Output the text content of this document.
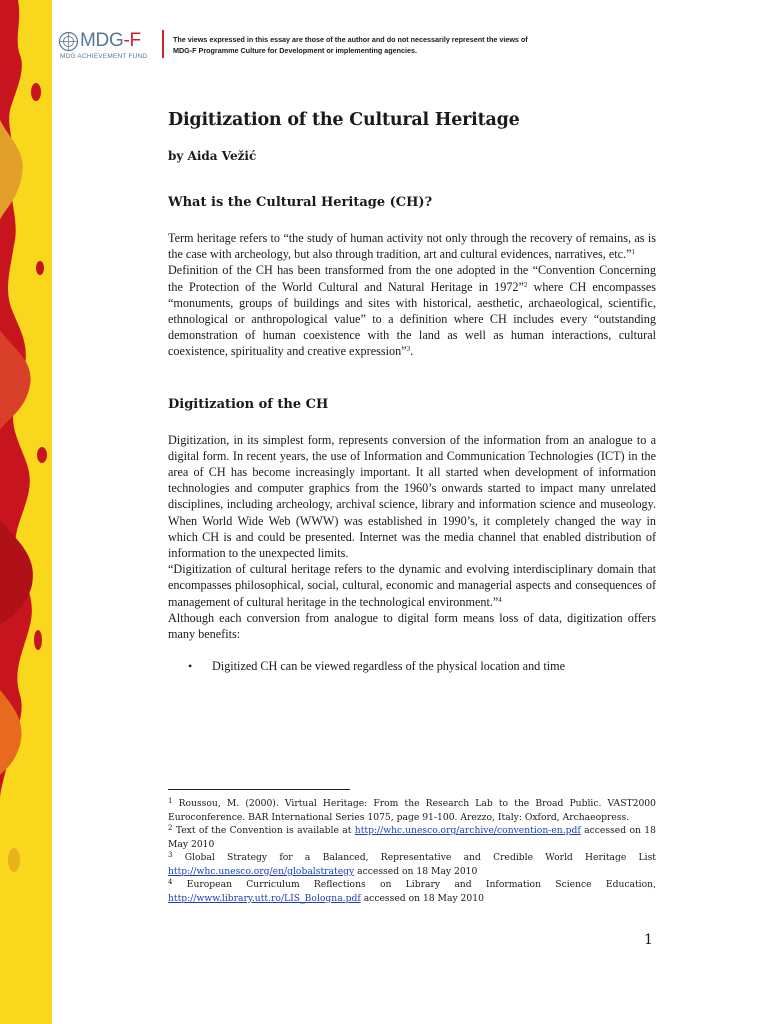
MDG-F
MDG ACHIEVEMENT FUND
The views expressed in this essay are those of the author and do not necessarily represent the views of
MDG-F Programme Culture for Development or implementing agencies.
Digitization of the Cultural Heritage
by Aida Vežić
What is the Cultural Heritage (CH)?

Term heritage refers to “the study of human activity not only through the recovery of remains, as is the case with archeology, but also through tradition, art and cultural evidences, narratives, etc.”$^1$

Definition of the CH has been transformed from the one adopted in the “Convention Concerning the Protection of the World Cultural and Natural Heritage in 1972”$^2$ where CH encompasses “monuments, groups of buildings and sites with historical, aesthetic, archaeological, scientific, ethnological or anthropological value” to a definition where CH includes every “outstanding demonstration of human coexistence with the land as well as human interactions, cultural coexistence, spirituality and creative expression”$^3$.

Digitization of the CH

Digitization, in its simplest form, represents conversion of the information from an analogue to a digital form. In recent years, the use of Information and Communication Technologies (ICT) in the area of CH has become increasingly important. It all started when development of information technologies and computer graphics from the 1960’s onwards started to impact many unrelated disciplines, including archeology, archival science, library and information science and museology. When World Wide Web (WWW) was established in 1990’s, it completely changed the way in which CH is and could be presented. Internet was the media channel that enabled distribution of information to the unexpected limits.

“Digitization of cultural heritage refers to the dynamic and evolving interdisciplinary domain that encompasses philosophical, social, cultural, economic and managerial aspects and consequences of management of cultural heritage in the technological environment.”$^4$

Although each conversion from analogue to digital form means loss of data, digitization offers many benefits:

• Digitized CH can be viewed regardless of the physical location and time

$^1$ Roussou, M. (2000). Virtual Heritage: From the Research Lab to the Broad Public. VAST2000 Euroconference. BAR International Series 1075, page 91-100. Arezzo, Italy: Oxford, Archaeopress.

$^2$ Text of the Convention is available at http://whc.unesco.org/archive/convention-en.pdf accessed on 18 May 2010

$^3$ Global Strategy for a Balanced, Representative and Credible World Heritage List http://whc.unesco.org/en/globalstrategy accessed on 18 May 2010

$^4$ European Curriculum Reflections on Library and Information Science Education, http://www.library.utt.ro/LIS_Bologna.pdf accessed on 18 May 2010

1
